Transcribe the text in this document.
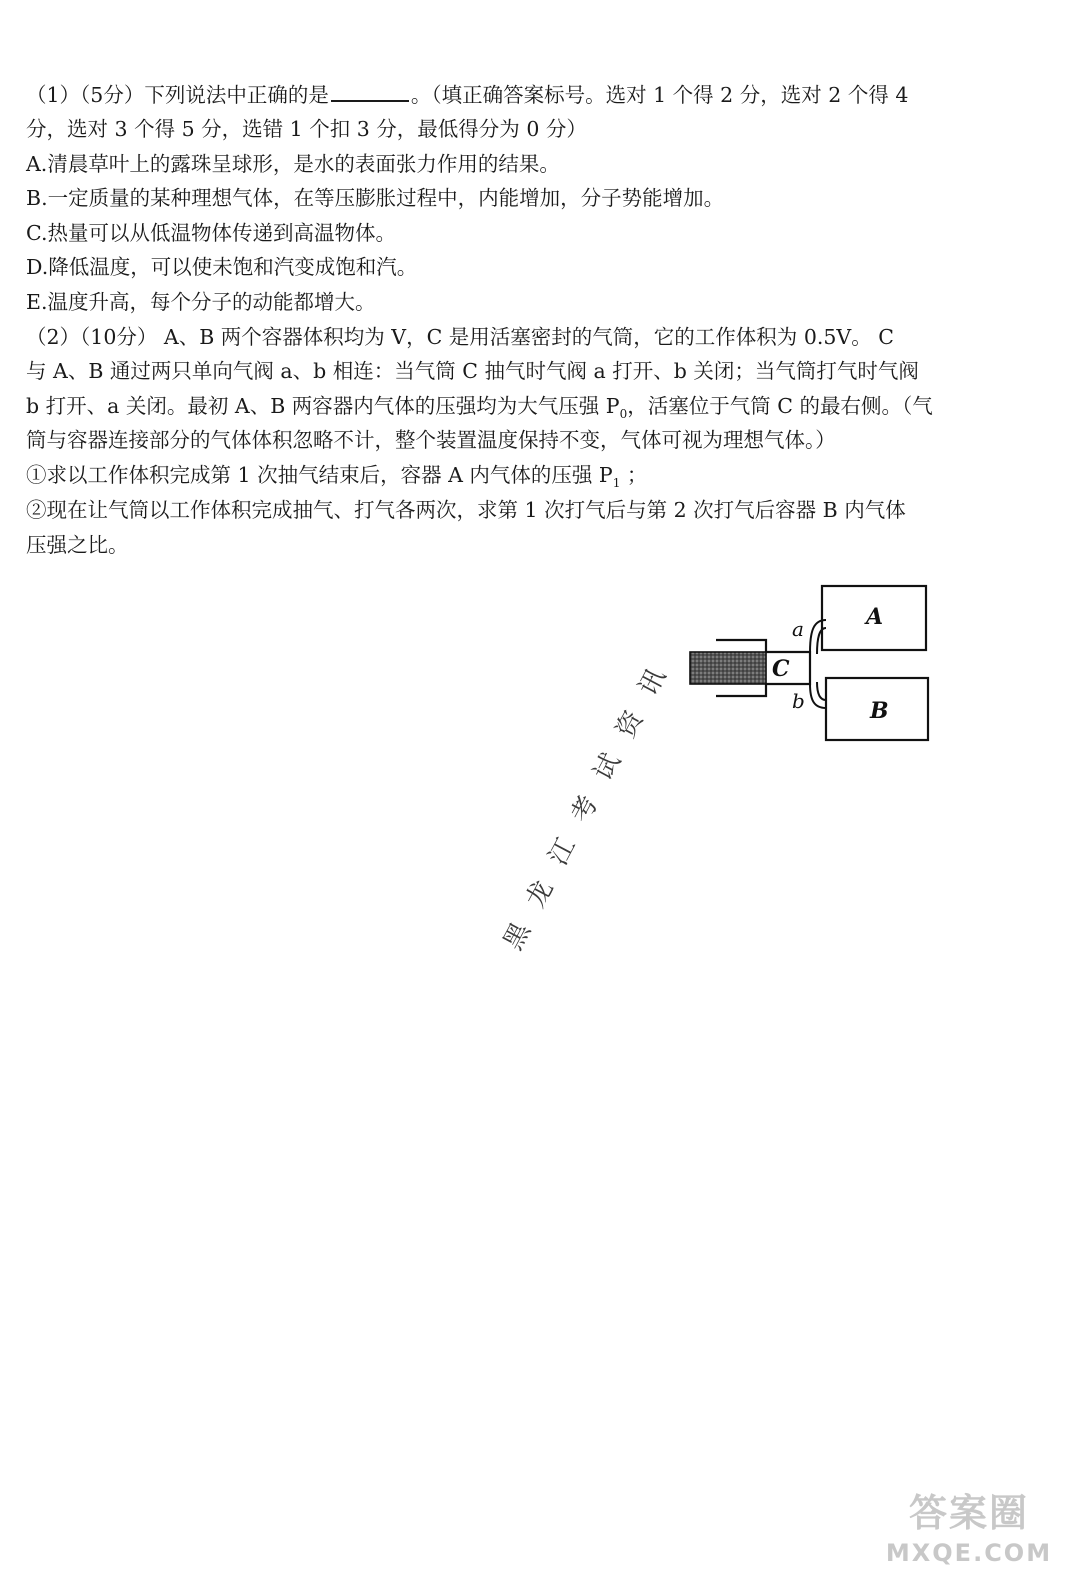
（1）（5分）下列说法中正确的是	。（填正确答案标号。选对 1 个得 2 分，选对 2 个得 4
分，选对 3 个得 5 分，选错 1 个扣 3 分，最低得分为 0 分）
A.清晨草叶上的露珠呈球形，是水的表面张力作用的结果。
B.一定质量的某种理想气体，在等压膨胀过程中，内能增加，分子势能增加。
C.热量可以从低温物体传递到高温物体。
D.降低温度，可以使未饱和汽变成饱和汽。
E.温度升高，每个分子的动能都增大。
（2）（10分） A、B 两个容器体积均为 V，C 是用活塞密封的气筒，它的工作体积为 0.5V。 C
与 A、B 通过两只单向气阀 a、b 相连：当气筒 C 抽气时气阀 a 打开、b 关闭；当气筒打气时气阀
b 打开、a 关闭。最初 A、B 两容器内气体的压强均为大气压强 $P_0$，活塞位于气筒 C 的最右侧。（气
筒与容器连接部分的气体体积忽略不计，整个装置温度保持不变，气体可视为理想气体。）
①求以工作体积完成第 1 次抽气结束后，容器 A 内气体的压强 $P_1$ ；
②现在让气筒以工作体积完成抽气、打气各两次，求第 1 次打气后与第 2 次打气后容器 B 内气体
压强之比。
A
B
C
a
b
黑龙江考试资讯
答案圈
MXQE.COM
